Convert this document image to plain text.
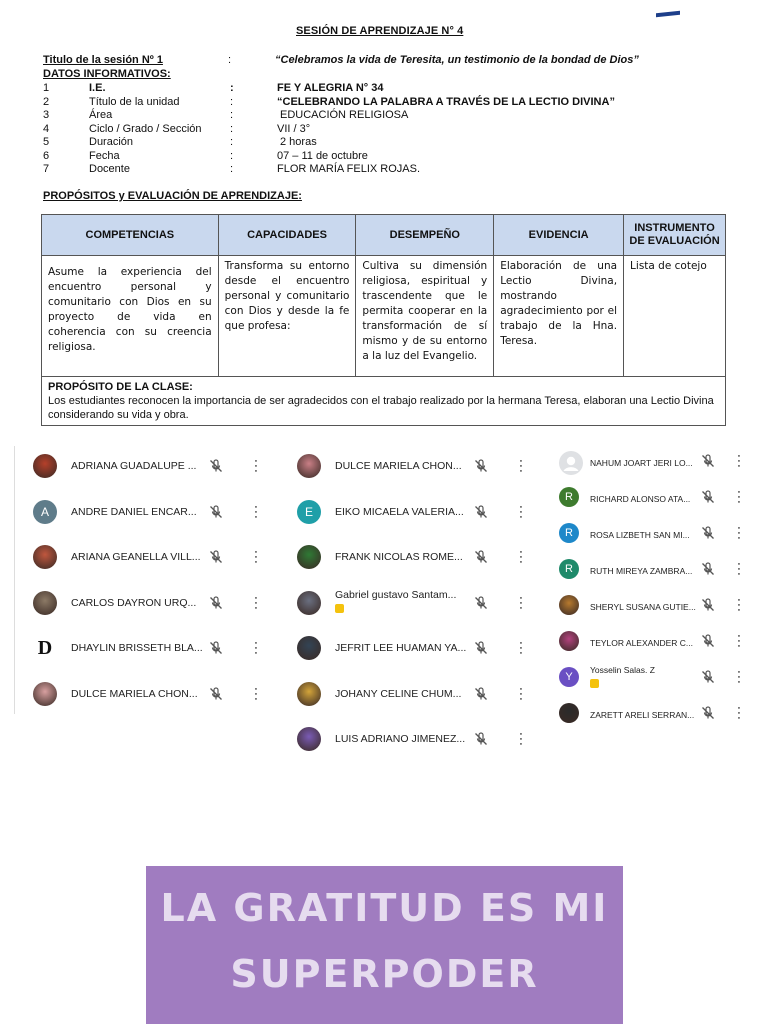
SESIÓN DE APRENDIZAJE N° 4
Titulo de la sesión Nº 1	:	“Celebramos la vida de Teresita, un testimonio de la bondad de Dios”
DATOS INFORMATIVOS:
1	I.E.	:	FE Y ALEGRIA N° 34
2	Título de la unidad	:	“CELEBRANDO LA PALABRA A TRAVÉS DE LA LECTIO DIVINA”
3	Área	:	EDUCACIÓN RELIGIOSA
4	Ciclo / Grado / Sección	:	VII / 3°
5	Duración	:	2 horas
6	Fecha	:	07 – 11 de octubre
7	Docente	:	FLOR MARÍA FELIX ROJAS.
PROPÓSITOS y EVALUACIÓN DE APRENDIZAJE:
COMPETENCIAS	CAPACIDADES	DESEMPEÑO	EVIDENCIA	INSTRUMENTO DE EVALUACIÓN
Asume la experiencia del encuentro personal y comunitario con Dios en su proyecto de vida en coherencia con su creencia religiosa.	Transforma su entorno desde el encuentro personal y comunitario con Dios y desde la fe que profesa:	Cultiva su dimensión religiosa, espiritual y trascendente que le permita cooperar en la transformación de sí mismo y de su entorno a la luz del Evangelio.	Elaboración de una Lectio Divina, mostrando agradecimiento por el trabajo de la Hna. Teresa.	Lista de cotejo

PROPÓSITO DE LA CLASE:
Los estudiantes reconocen la importancia de ser agradecidos con el trabajo realizado por la hermana Teresa, elaboran una Lectio Divina considerando su vida y obra.				
ADRIANA GUADALUPE ...	●
●
●
A	ANDRE DANIEL ENCAR...	●
●
●
ARIANA GEANELLA VILL...	●
●
●
CARLOS DAYRON URQ...	●
●
●
D	DHAYLIN BRISSETH BLA...	●
●
●
DULCE MARIELA CHON...	●
●
●
DULCE MARIELA CHON...	●
●
●
E	EIKO MICAELA VALERIA...	●
●
●
FRANK NICOLAS ROME...	●
●
●
Gabriel gustavo Santam...	●
●
●
JEFRIT LEE HUAMAN YA...	●
●
●
JOHANY CELINE CHUM...	●
●
●
LUIS ADRIANO JIMENEZ...	●
●
●
NAHUM JOART JERI LO...
●
●
●
R	RICHARD ALONSO ATA...
●
●
●
R	ROSA LIZBETH SAN MI...
●
●
●
R	RUTH MIREYA ZAMBRA...
●
●
●
SHERYL SUSANA GUTIE...
●
●
●
TEYLOR ALEXANDER C...
●
●
●
Y
Yosselin Salas. Z	●
●
●
ZARETT ARELI SERRAN...
●
●
●
LA GRATITUD ES MI
SUPERPODER
